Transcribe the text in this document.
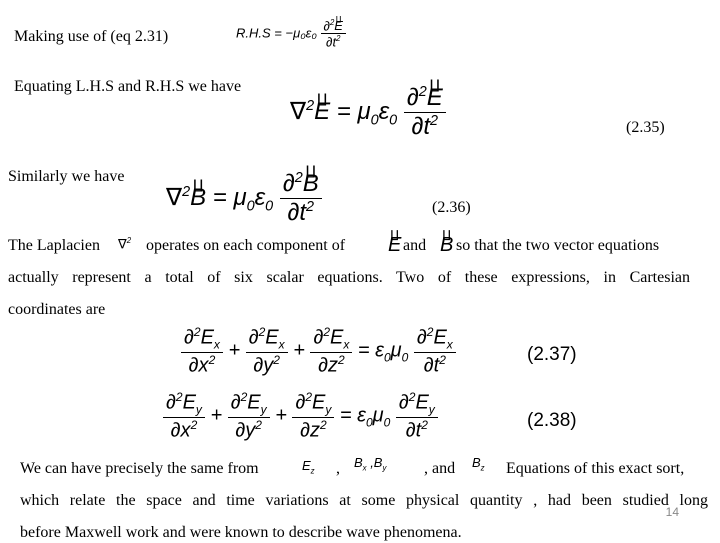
Making use of (eq 2.31)	$R.H.S = -\mu_0\varepsilon_0 \frac{\partial^2∐ E}{\partial t^2}$
Equating L.H.S and R.H.S we have
∇$^2$∐ $E = \mu_0\varepsilon_0 \frac{\partial^2∐ E}{\partial t^2}$	(2.35)
Similarly we have
∇$^2$∐ $B = \mu_0\varepsilon_0 \frac{\partial^2∐ B}{\partial t^2}$	(2.36)
The Laplacien ∇$^2$ operates on each component of ∐ E and ∐ B so that the two vector equations
actually represent a total of six scalar equations. Two of these expressions, in Cartesian
coordinates are
$\frac{\partial^2E_x}{\partial x^2} + \frac{\partial^2E_x}{\partial y^2} + \frac{\partial^2E_x}{\partial z^2} = \varepsilon_0\mu_0 \frac{\partial^2E_x}{\partial t^2}$	(2.37)
$\frac{\partial^2E_y}{\partial x^2} + \frac{\partial^2E_y}{\partial y^2} + \frac{\partial^2E_y}{\partial z^2} = \varepsilon_0\mu_0 \frac{\partial^2E_y}{\partial t^2}$	(2.38)
We can have precisely the same from	$E_z$ , $B_x$ $,B_y$ , and $B_z$ Equations of this exact sort,
which relate the space and time variations at some physical quantity , had been studied long
before Maxwell work and were known to describe wave phenomena.
14
